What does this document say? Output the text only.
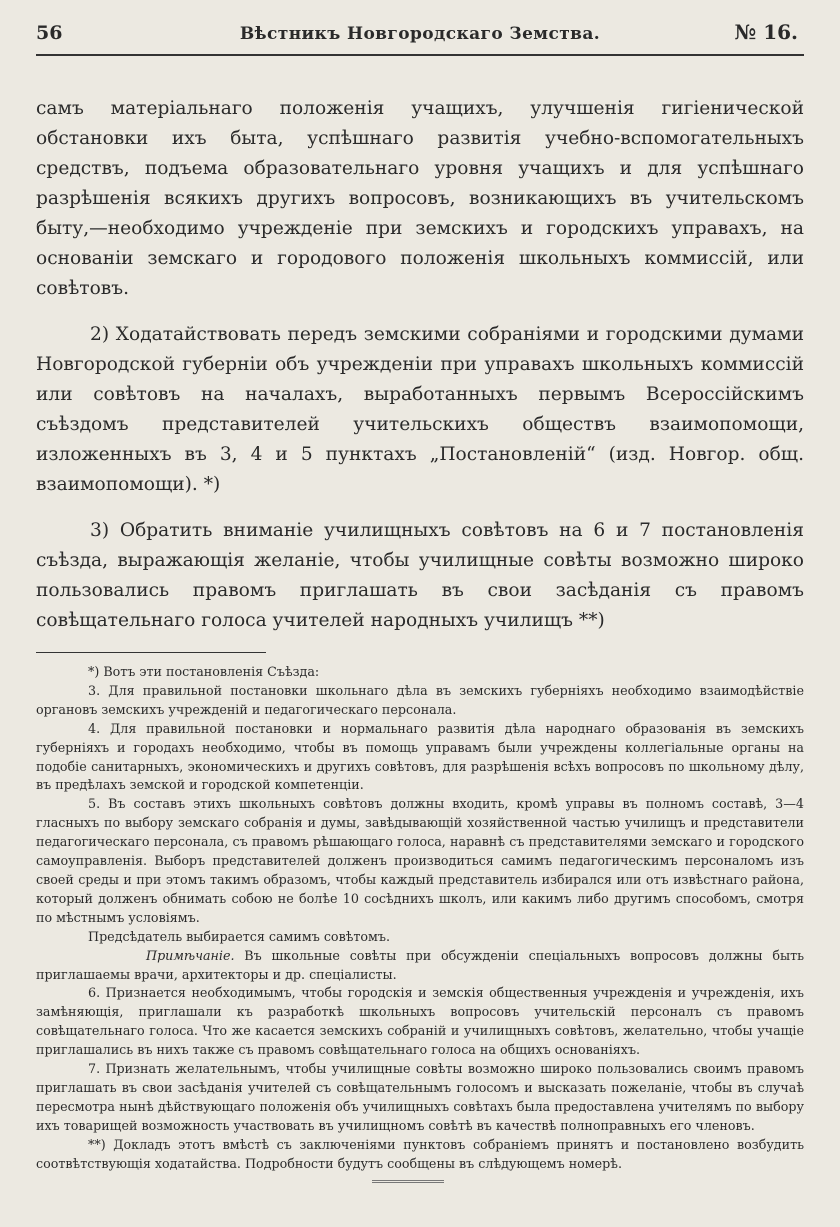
56	Вѣстникъ Новгородскаго Земства.	№ 16.

самъ матеріальнаго положенія учащихъ, улучшенія гигіенической обстановки ихъ быта, успѣшнаго развитія учебно-вспомогательныхъ средствъ, подъема образовательнаго уровня учащихъ и для успѣшнаго разрѣшенія всякихъ другихъ вопросовъ, возникающихъ въ учительскомъ быту,—необходимо учрежденіе при земскихъ и городскихъ управахъ, на основаніи земскаго и городового положенія школьныхъ коммиссій, или совѣтовъ.

2) Ходатайствовать передъ земскими собраніями и городскими думами Новгородской губерніи объ учрежденіи при управахъ школьныхъ коммиссій или совѣтовъ на началахъ, выработанныхъ первымъ Всероссійскимъ съѣздомъ представителей учительскихъ обществъ взаимопомощи, изложенныхъ въ 3, 4 и 5 пунктахъ „Постановленій“ (изд. Новгор. общ. взаимопомощи). *)

3) Обратить вниманіе училищныхъ совѣтовъ на 6 и 7 постановленія съѣзда, выражающія желаніе, чтобы училищные совѣты возможно широко пользовались правомъ приглашать въ свои засѣданія съ правомъ совѣщательнаго голоса учителей народныхъ училищъ **)

*) Вотъ эти постановленія Съѣзда:

3. Для правильной постановки школьнаго дѣла въ земскихъ губерніяхъ необходимо взаимодѣйствіе органовъ земскихъ учрежденій и педагогическаго персонала.

4. Для правильной постановки и нормальнаго развитія дѣла народнаго образованія въ земскихъ губерніяхъ и городахъ необходимо, чтобы въ помощь управамъ были учреждены коллегіальные органы на подобіе санитарныхъ, экономическихъ и другихъ совѣтовъ, для разрѣшенія всѣхъ вопросовъ по школьному дѣлу, въ предѣлахъ земской и городской компетенціи.

5. Въ составъ этихъ школьныхъ совѣтовъ должны входить, кромѣ управы въ полномъ составѣ, 3—4 гласныхъ по выбору земскаго собранія и думы, завѣдывающій хозяйственной частью училищъ и представители педагогическаго персонала, съ правомъ рѣшающаго голоса, наравнѣ съ представителями земскаго и городского самоуправленія. Выборъ представителей долженъ производиться самимъ педагогическимъ персоналомъ изъ своей среды и при этомъ такимъ образомъ, чтобы каждый представитель избирался или отъ извѣстнаго района, который долженъ обнимать собою не болѣе 10 сосѣднихъ школъ, или какимъ либо другимъ способомъ, смотря по мѣстнымъ условіямъ.

Предсѣдатель выбирается самимъ совѣтомъ.

Примѣчаніе. Въ школьные совѣты при обсужденіи спеціальныхъ вопросовъ должны быть приглашаемы врачи, архитекторы и др. спеціалисты.

6. Признается необходимымъ, чтобы городскія и земскія общественныя учрежденія и учрежденія, ихъ замѣняющія, приглашали къ разработкѣ школьныхъ вопросовъ учительскій персоналъ съ правомъ совѣщательнаго голоса. Что же касается земскихъ собраній и училищныхъ совѣтовъ, желательно, чтобы учащіе приглашались въ нихъ также съ правомъ совѣщательнаго голоса на общихъ основаніяхъ.

7. Признать желательнымъ, чтобы училищные совѣты возможно широко пользовались своимъ правомъ приглашать въ свои засѣданія учителей съ совѣщательнымъ голосомъ и высказать пожеланіе, чтобы въ случаѣ пересмотра нынѣ дѣйствующаго положенія объ училищныхъ совѣтахъ была предоставлена учителямъ по выбору ихъ товарищей возможность участвовать въ училищномъ совѣтѣ въ качествѣ полноправныхъ его членовъ.

**) Докладъ этотъ вмѣстѣ съ заключеніями пунктовъ собраніемъ принятъ и постановлено возбудить соотвѣтствующія ходатайства. Подробности будутъ сообщены въ слѣдующемъ номерѣ.
